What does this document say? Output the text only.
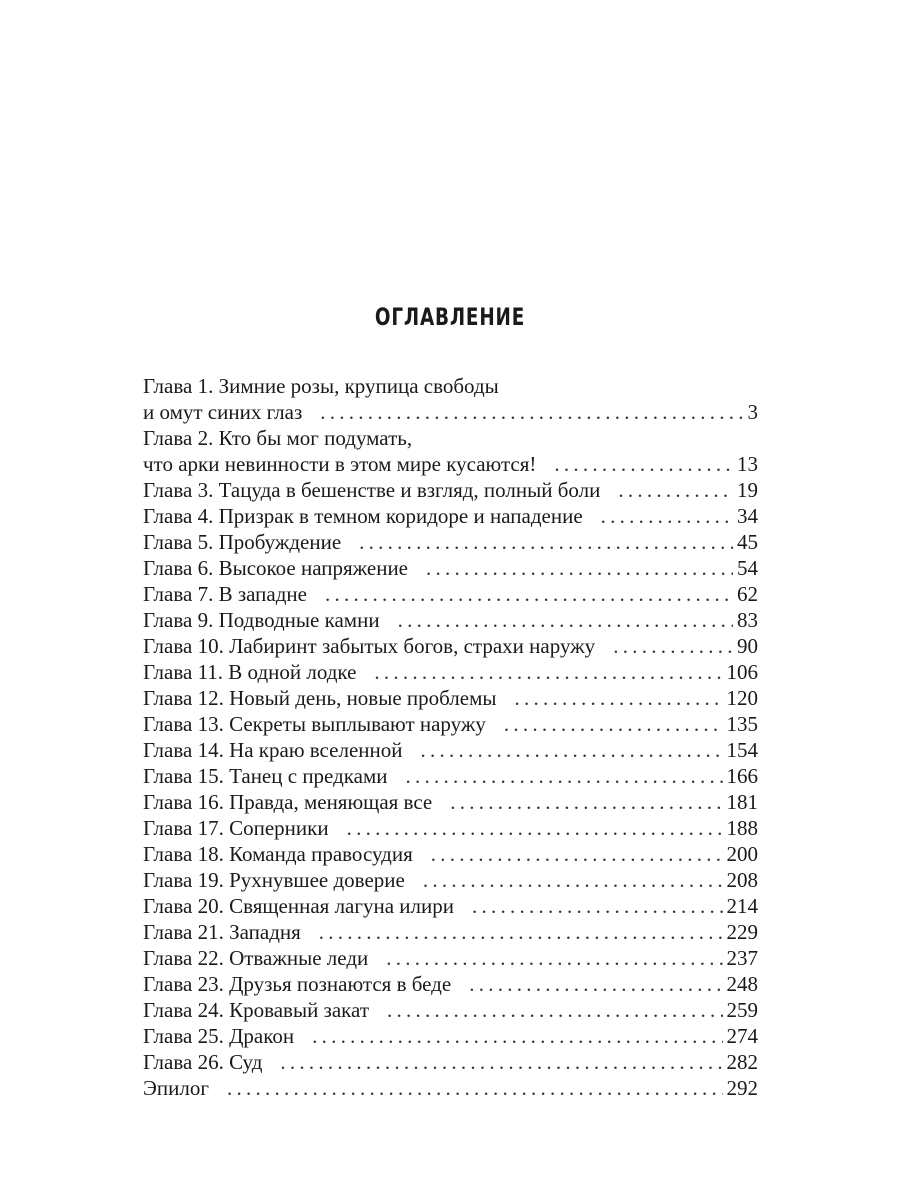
ОГЛАВЛЕНИЕ
Глава 1. Зимние розы, крупица свободы
и омут синих глаз . . .	3
Глава 2. Кто бы мог подумать,
что арки невинности в этом мире кусаются! . . .	13
Глава 3. Тацуда в бешенстве и взгляд, полный боли . . .	19
Глава 4. Призрак в темном коридоре и нападение . . .	34
Глава 5. Пробуждение . . .	45
Глава 6. Высокое напряжение . . .	54
Глава 7. В западне . . .	62
Глава 9. Подводные камни . . .	83
Глава 10. Лабиринт забытых богов, страхи наружу . . .	90
Глава 11. В одной лодке . . .	106
Глава 12. Новый день, новые проблемы . . .	120
Глава 13. Секреты выплывают наружу . . .	135
Глава 14. На краю вселенной . . .	154
Глава 15. Танец с предками . . .	166
Глава 16. Правда, меняющая все . . .	181
Глава 17. Соперники . . .	188
Глава 18. Команда правосудия . . .	200
Глава 19. Рухнувшее доверие . . .	208
Глава 20. Священная лагуна илири . . .	214
Глава 21. Западня . . .	229
Глава 22. Отважные леди . . .	237
Глава 23. Друзья познаются в беде . . .	248
Глава 24. Кровавый закат . . .	259
Глава 25. Дракон . . .	274
Глава 26. Суд . . .	282
Эпилог . . .	292
